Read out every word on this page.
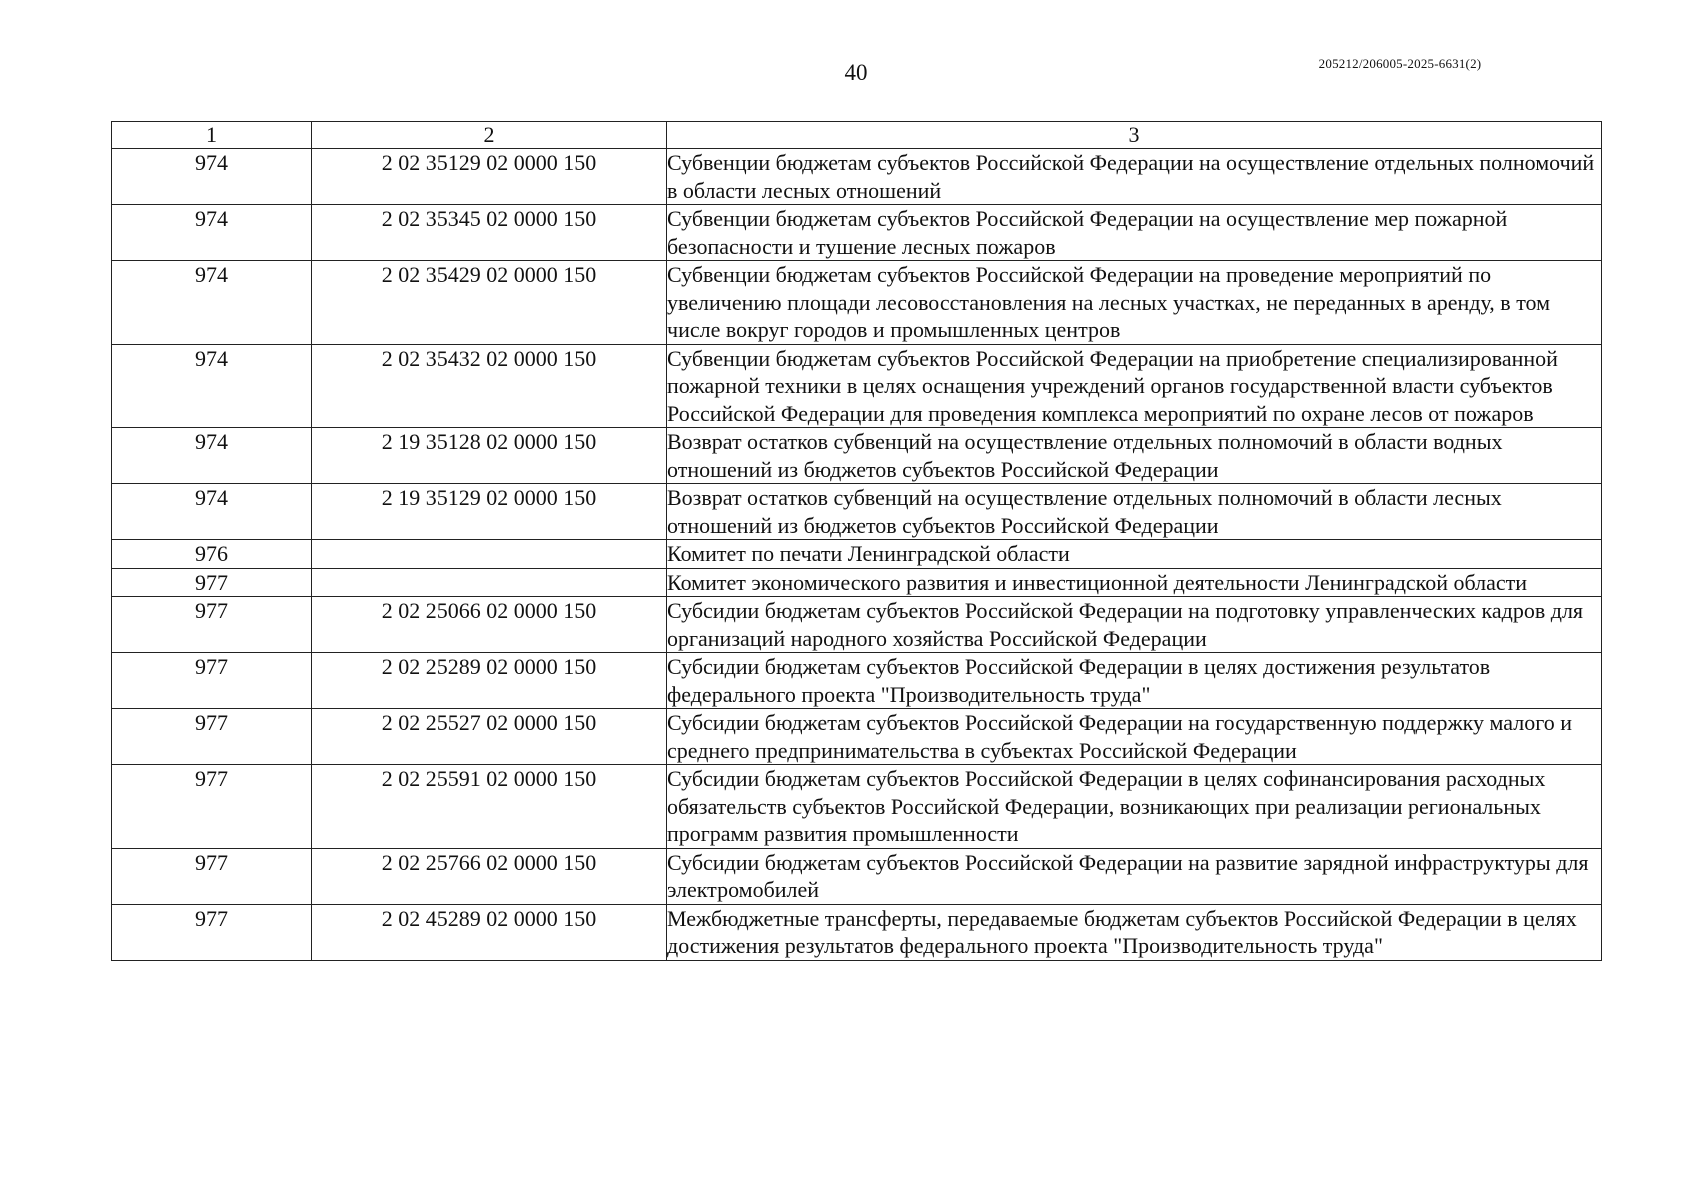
40	205212/206005-2025-6631(2)
1	2	3
974	2 02 35129 02 0000 150	Субвенции бюджетам субъектов Российской Федерации на осуществление отдельных полномочий в области лесных отношений
974	2 02 35345 02 0000 150	Субвенции бюджетам субъектов Российской Федерации на осуществление мер пожарной безопасности и тушение лесных пожаров
974	2 02 35429 02 0000 150	Субвенции бюджетам субъектов Российской Федерации на проведение мероприятий по увеличению площади лесовосстановления на лесных участках, не переданных в аренду, в том числе вокруг городов и промышленных центров
974	2 02 35432 02 0000 150	Субвенции бюджетам субъектов Российской Федерации на приобретение специализированной пожарной техники в целях оснащения учреждений органов государственной власти субъектов Российской Федерации для проведения комплекса мероприятий по охране лесов от пожаров
974	2 19 35128 02 0000 150	Возврат остатков субвенций на осуществление отдельных полномочий в области водных отношений из бюджетов субъектов Российской Федерации
974	2 19 35129 02 0000 150	Возврат остатков субвенций на осуществление отдельных полномочий в области лесных отношений из бюджетов субъектов Российской Федерации
976		Комитет по печати Ленинградской области
977		Комитет экономического развития и инвестиционной деятельности Ленинградской области
977	2 02 25066 02 0000 150	Субсидии бюджетам субъектов Российской Федерации на подготовку управленческих кадров для организаций народного хозяйства Российской Федерации
977	2 02 25289 02 0000 150	Субсидии бюджетам субъектов Российской Федерации в целях достижения результатов федерального проекта "Производительность труда"
977	2 02 25527 02 0000 150	Субсидии бюджетам субъектов Российской Федерации на государственную поддержку малого и среднего предпринимательства в субъектах Российской Федерации
977	2 02 25591 02 0000 150	Субсидии бюджетам субъектов Российской Федерации в целях софинансирования расходных обязательств субъектов Российской Федерации, возникающих при реализации региональных программ развития промышленности
977	2 02 25766 02 0000 150	Субсидии бюджетам субъектов Российской Федерации на развитие зарядной инфраструктуры для электромобилей
977	2 02 45289 02 0000 150	Межбюджетные трансферты, передаваемые бюджетам субъектов Российской Федерации в целях достижения результатов федерального проекта "Производительность труда"
